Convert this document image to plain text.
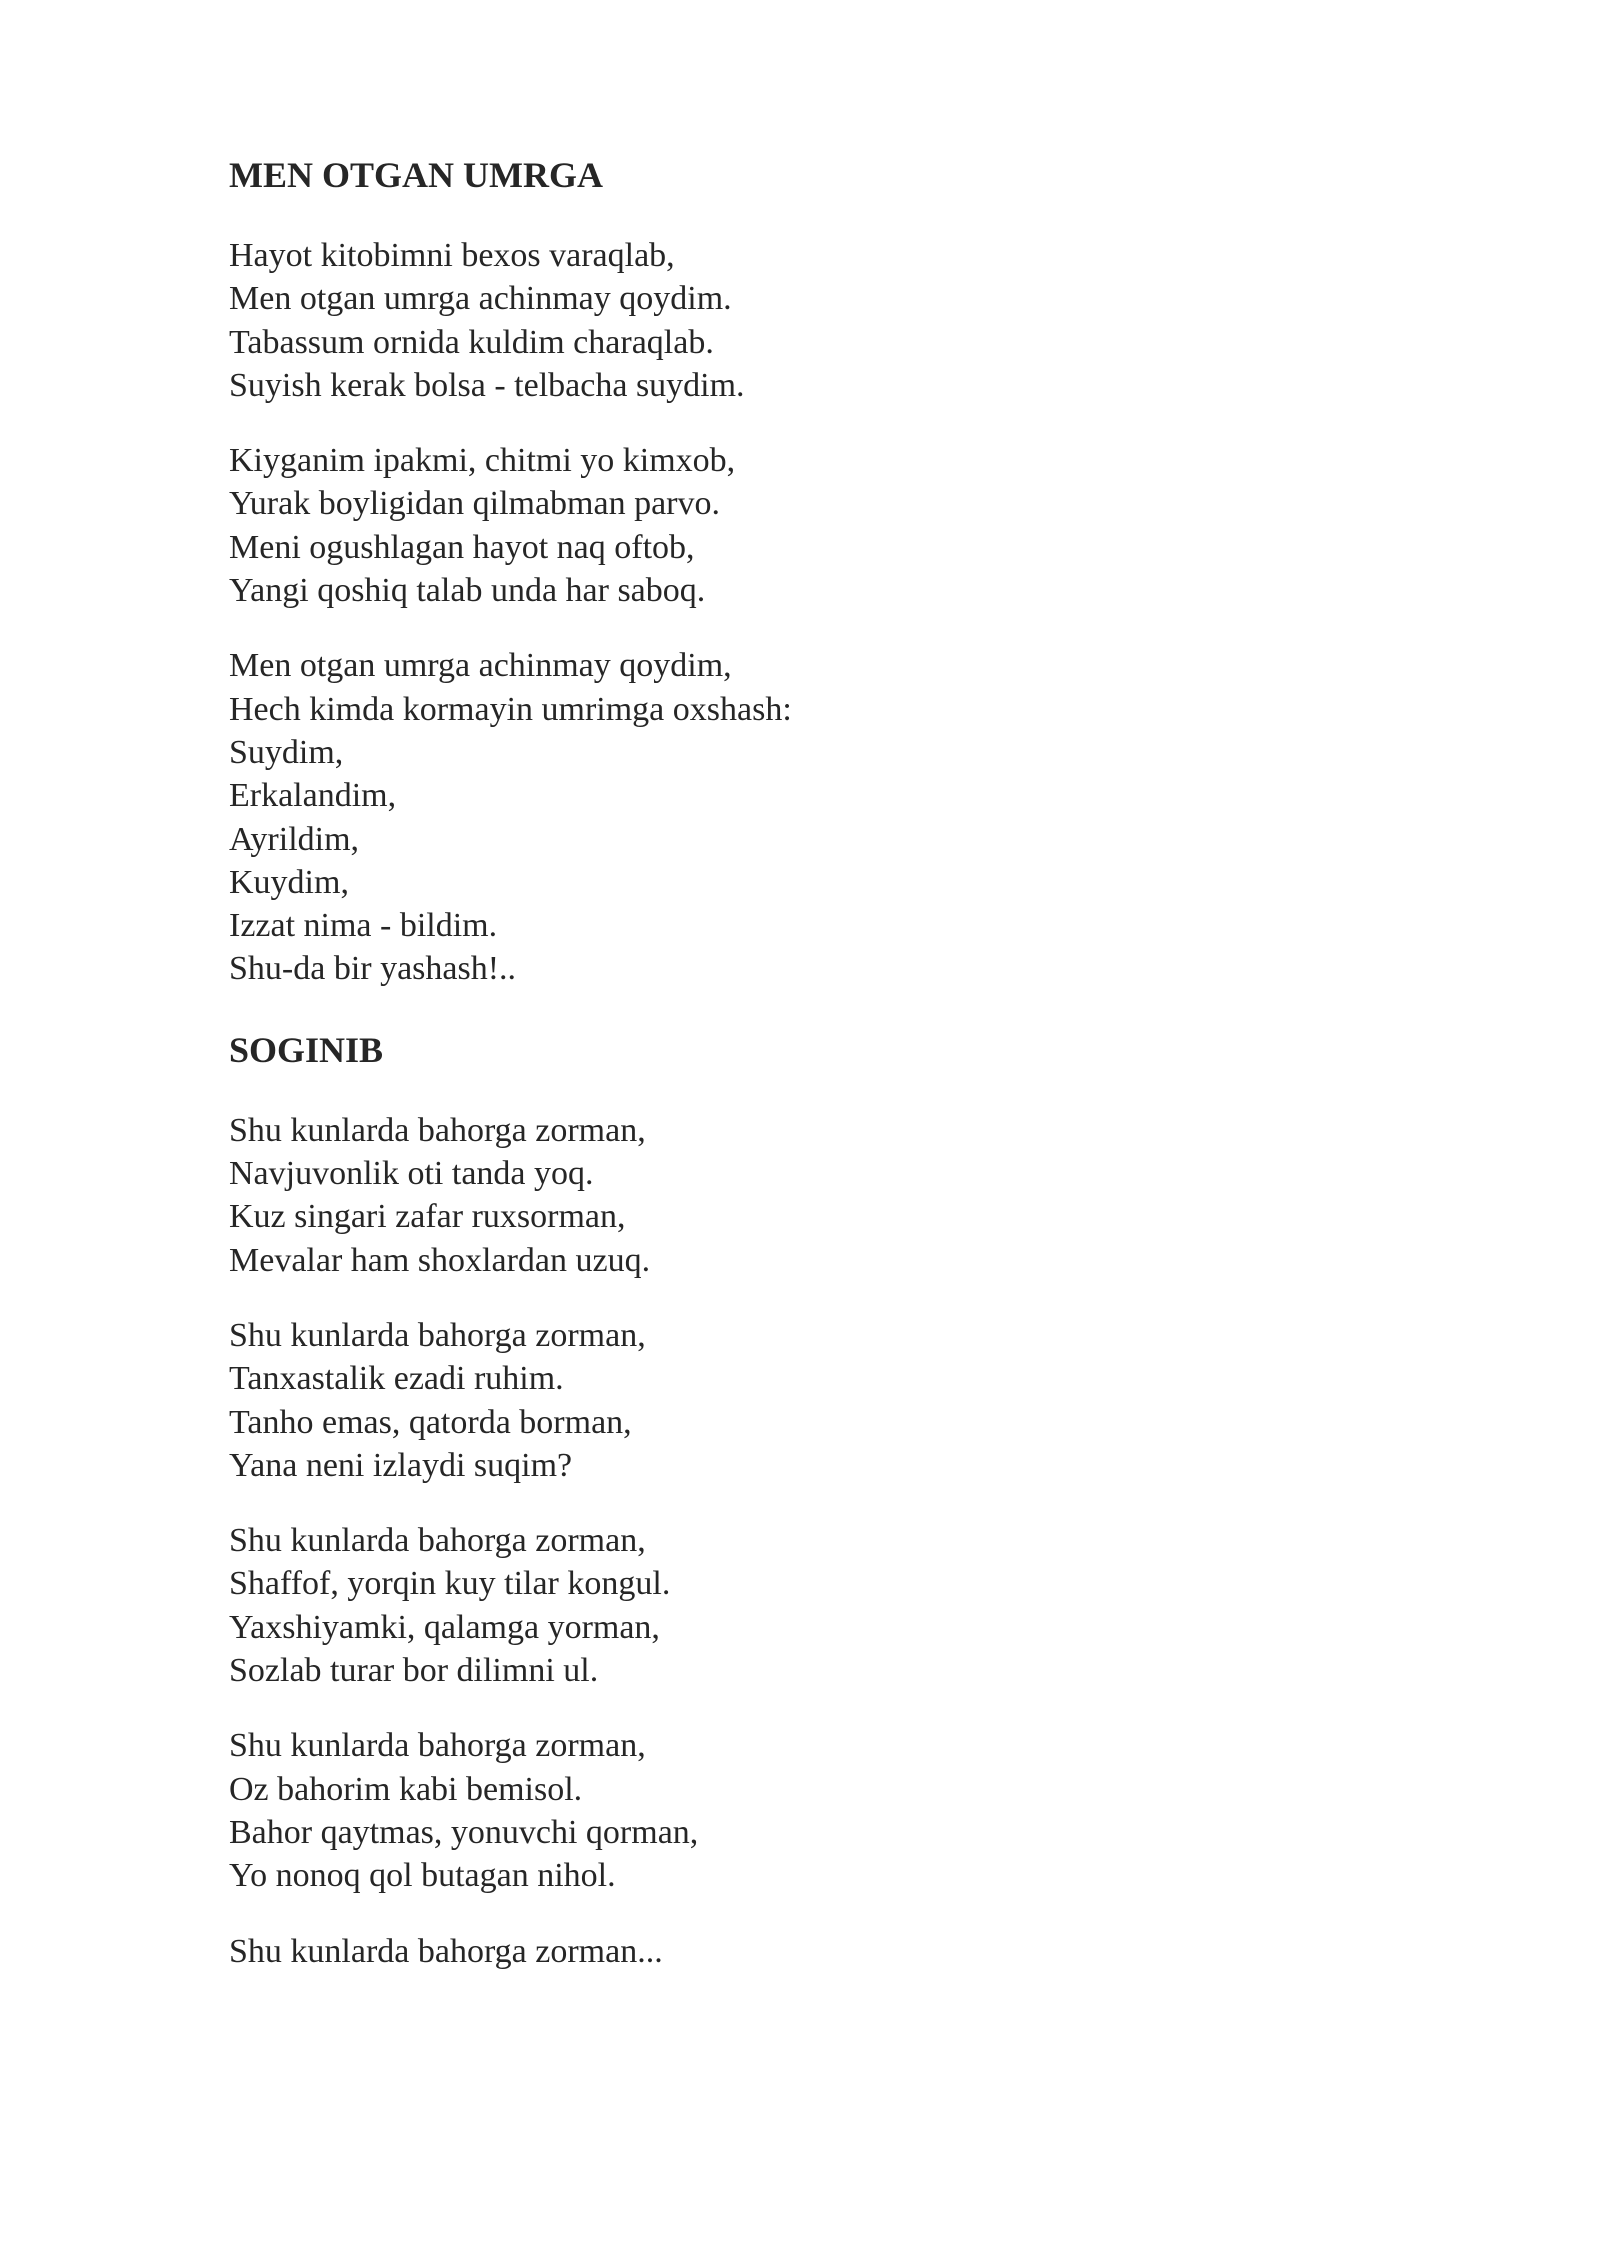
MEN OTGAN UMRGA

Hayot kitobimni bexos varaqlab,
Men otgan umrga achinmay qoydim.
Tabassum ornida kuldim charaqlab.
Suyish kerak bolsa - telbacha suydim.

Kiyganim ipakmi, chitmi yo kimxob,
Yurak boyligidan qilmabman parvo.
Meni ogushlagan hayot naq oftob,
Yangi qoshiq talab unda har saboq.

Men otgan umrga achinmay qoydim,
Hech kimda kormayin umrimga oxshash:
Suydim,
Erkalandim,
Ayrildim,
Kuydim,
Izzat nima - bildim.
Shu-da bir yashash!..

SOGINIB

Shu kunlarda bahorga zorman,
Navjuvonlik oti tanda yoq.
Kuz singari zafar ruxsorman,
Mevalar ham shoxlardan uzuq.

Shu kunlarda bahorga zorman,
Tanxastalik ezadi ruhim.
Tanho emas, qatorda borman,
Yana neni izlaydi suqim?

Shu kunlarda bahorga zorman,
Shaffof, yorqin kuy tilar kongul.
Yaxshiyamki, qalamga yorman,
Sozlab turar bor dilimni ul.

Shu kunlarda bahorga zorman,
Oz bahorim kabi bemisol.
Bahor qaytmas, yonuvchi qorman,
Yo nonoq qol butagan nihol.

Shu kunlarda bahorga zorman...
